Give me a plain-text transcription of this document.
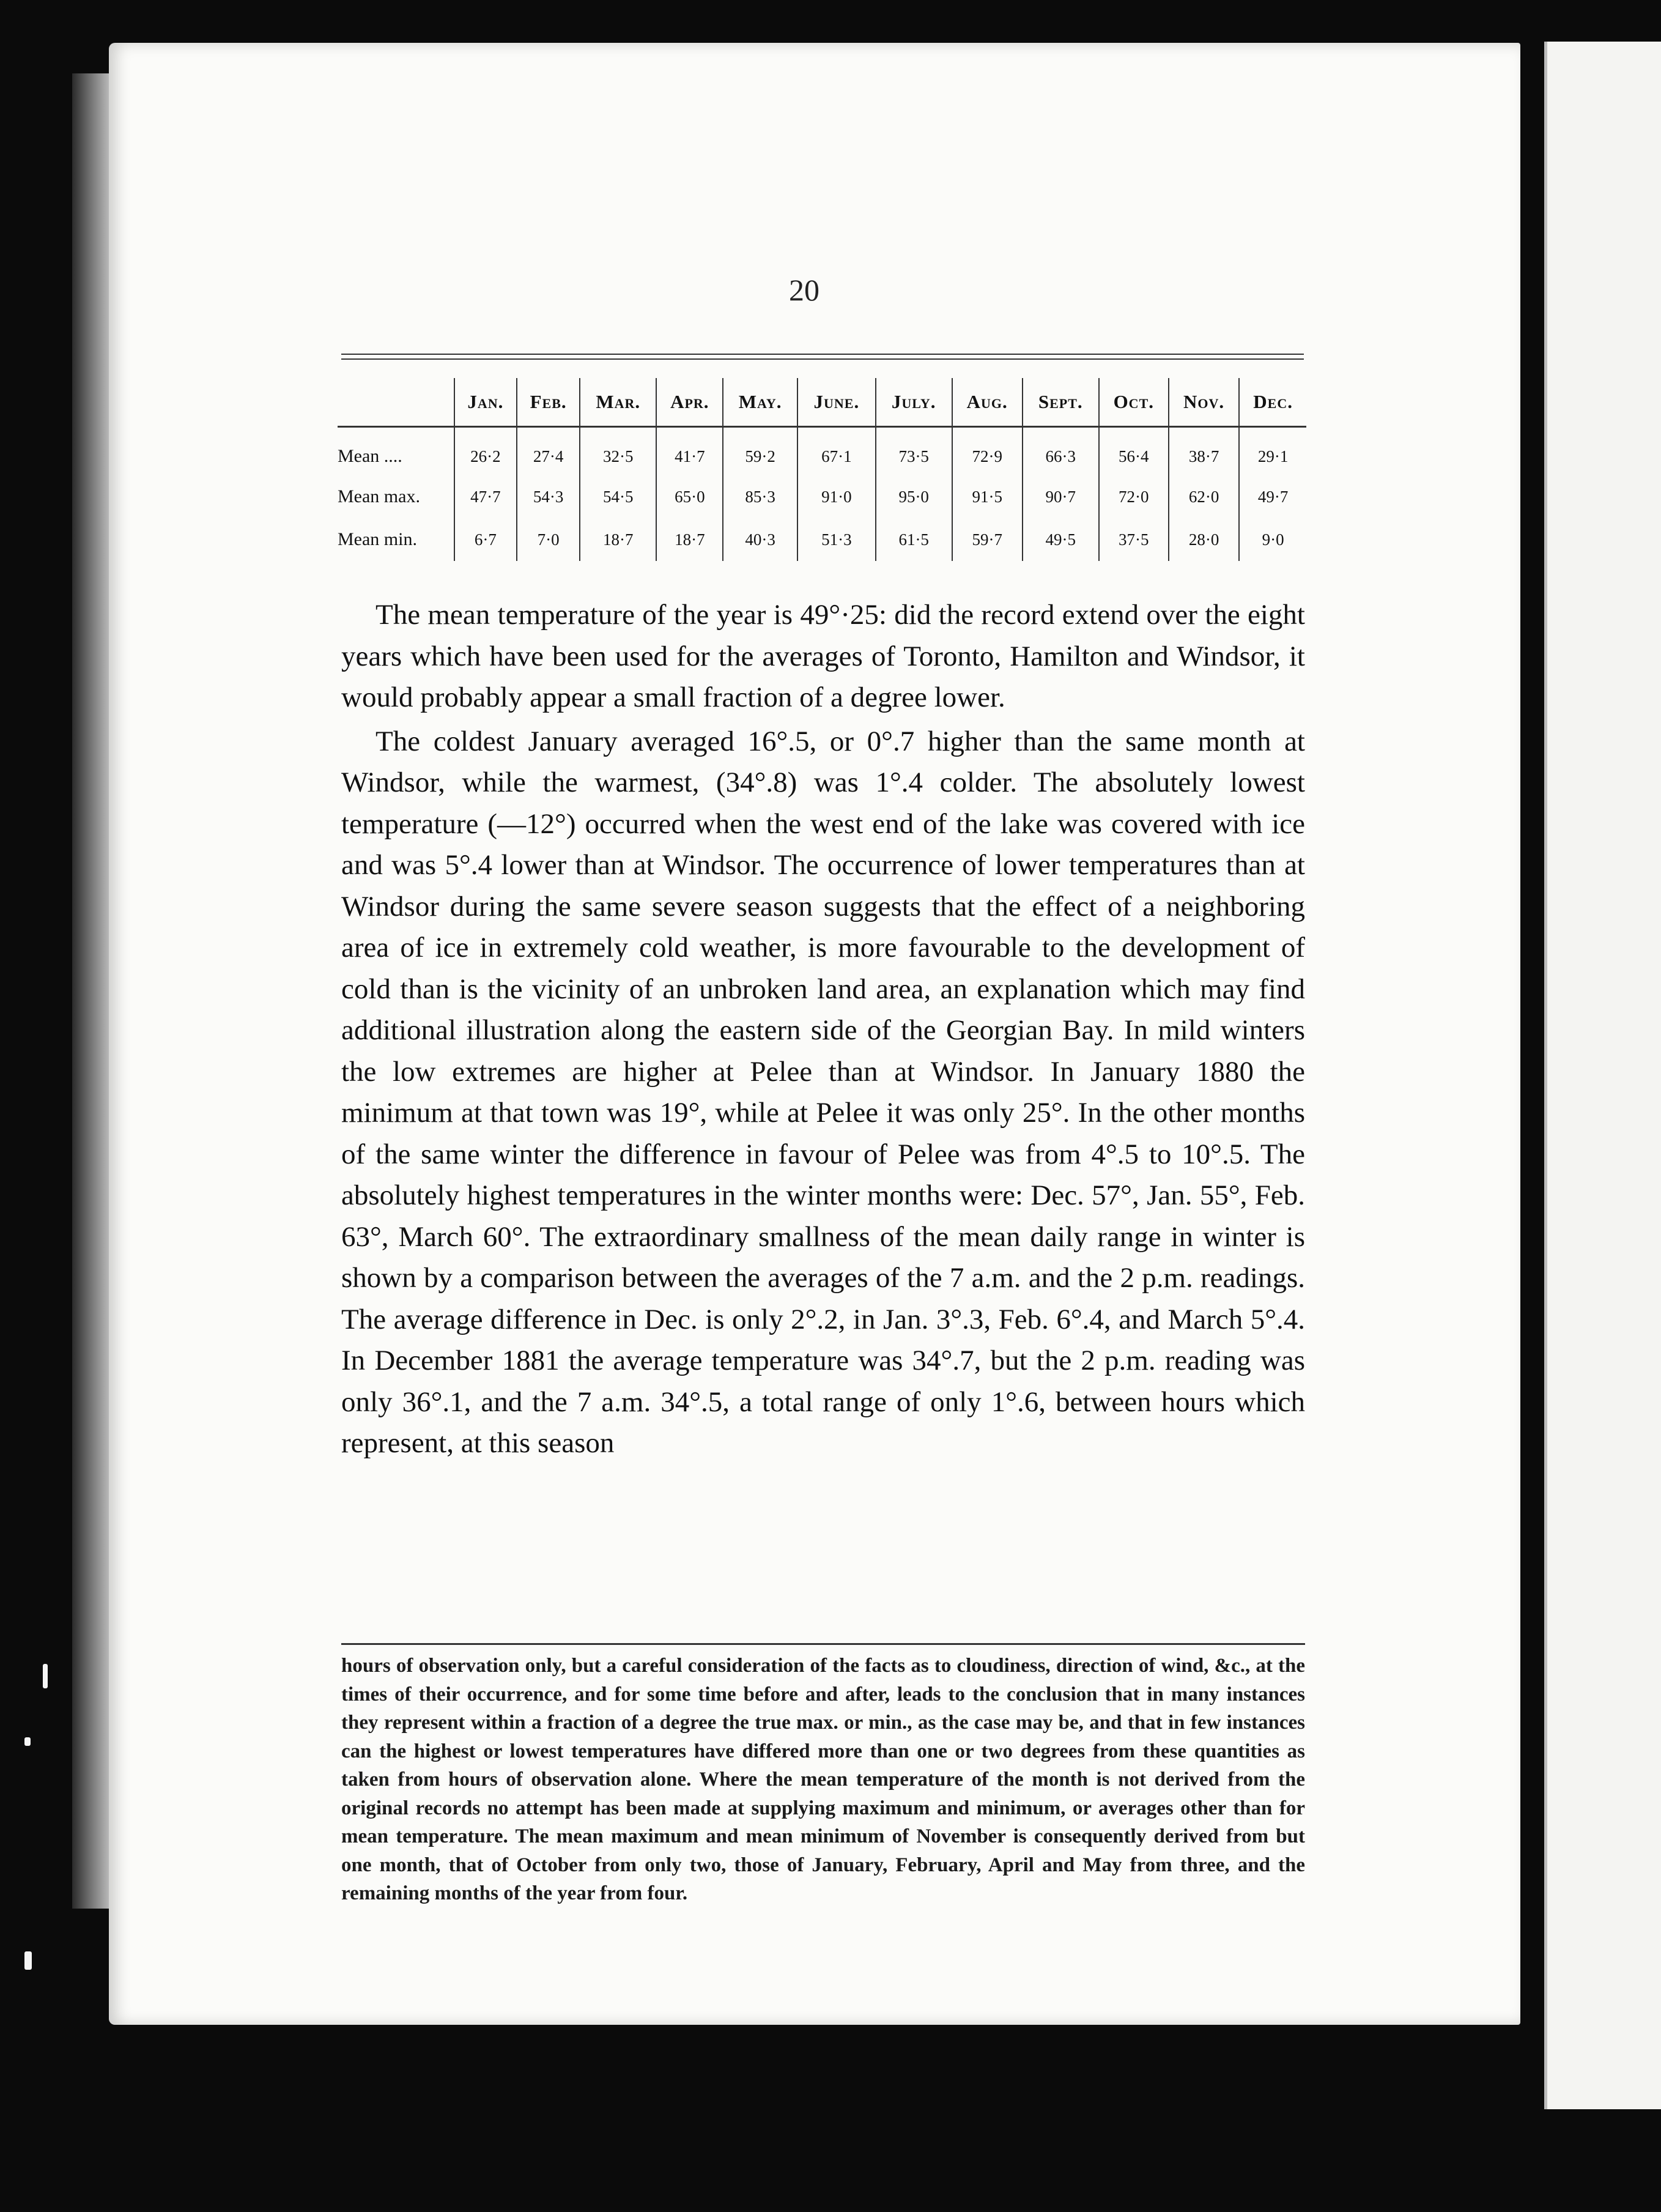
20
	Jan.	Feb.	Mar.	Apr.	May.	June.	July.	Aug.	Sept.	Oct.	Nov.	Dec.
Mean ....	26·2	27·4	32·5	41·7	59·2	67·1	73·5	72·9	66·3	56·4	38·7	29·1
Mean max.	47·7	54·3	54·5	65·0	85·3	91·0	95·0	91·5	90·7	72·0	62·0	49·7
Mean min.	6·7	7·0	18·7	18·7	40·3	51·3	61·5	59·7	49·5	37·5	28·0	9·0

The mean temperature of the year is 49°·25: did the record extend over the eight years which have been used for the averages of Toronto, Hamilton and Windsor, it would probably appear a small fraction of a degree lower.

The coldest January averaged 16°.5, or 0°.7 higher than the same month at Windsor, while the warmest, (34°.8) was 1°.4 colder. The absolutely lowest temperature (—12°) occurred when the west end of the lake was covered with ice and was 5°.4 lower than at Windsor. The occurrence of lower temperatures than at Windsor during the same severe season suggests that the effect of a neighboring area of ice in extremely cold weather, is more favourable to the development of cold than is the vicinity of an unbroken land area, an explanation which may find additional illustration along the eastern side of the Georgian Bay. In mild winters the low extremes are higher at Pelee than at Windsor. In January 1880 the minimum at that town was 19°, while at Pelee it was only 25°. In the other months of the same winter the difference in favour of Pelee was from 4°.5 to 10°.5. The absolutely highest temperatures in the winter months were: Dec. 57°, Jan. 55°, Feb. 63°, March 60°. The extraordinary smallness of the mean daily range in winter is shown by a comparison between the averages of the 7 a.m. and the 2 p.m. readings. The average difference in Dec. is only 2°.2, in Jan. 3°.3, Feb. 6°.4, and March 5°.4. In December 1881 the average temperature was 34°.7, but the 2 p.m. reading was only 36°.1, and the 7 a.m. 34°.5, a total range of only 1°.6, between hours which represent, at this season

hours of observation only, but a careful consideration of the facts as to cloudiness, direction of wind, &c., at the times of their occurrence, and for some time before and after, leads to the conclusion that in many instances they represent within a fraction of a degree the true max. or min., as the case may be, and that in few instances can the highest or lowest temperatures have differed more than one or two degrees from these quantities as taken from hours of observation alone. Where the mean temperature of the month is not derived from the original records no attempt has been made at supplying maximum and minimum, or averages other than for mean temperature. The mean maximum and mean minimum of November is consequently derived from but one month, that of October from only two, those of January, February, April and May from three, and the remaining months of the year from four.
